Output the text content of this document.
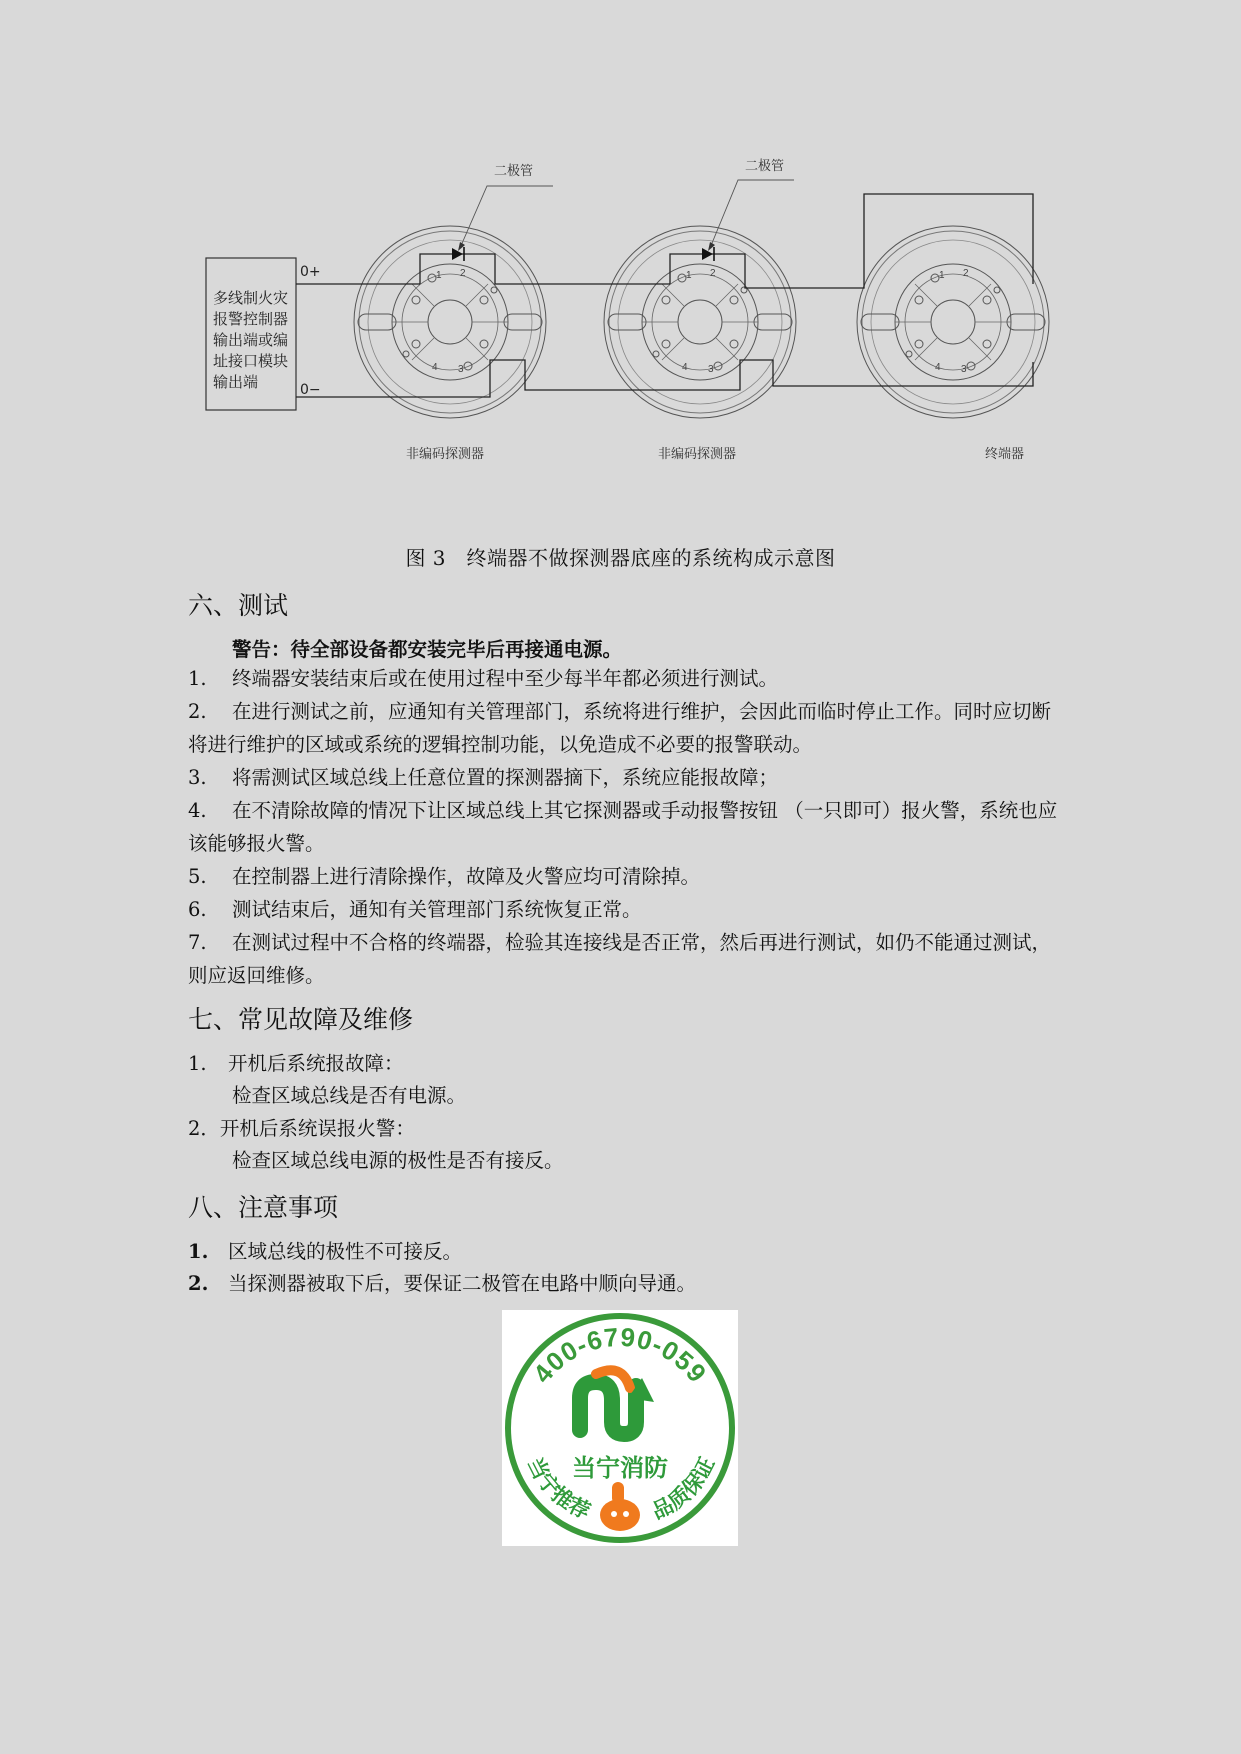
1 2
3
4
1 2
3
4
1 2
3
4
多线制火灾
报警控制器
输出端或编
址接口模块
输出端
0+
0−
二极管	二极管
非编码探测器	非编码探测器	终端器
图 3　终端器不做探测器底座的系统构成示意图
六、测试
警告：待全部设备都安装完毕后再接通电源。
1. 终端器安装结束后或在使用过程中至少每半年都必须进行测试。
2. 在进行测试之前，应通知有关管理部门，系统将进行维护，会因此而临时停止工作。同时应切断将进行维护的区域或系统的逻辑控制功能，以免造成不必要的报警联动。
3. 将需测试区域总线上任意位置的探测器摘下，系统应能报故障；
4. 在不清除故障的情况下让区域总线上其它探测器或手动报警按钮 （一只即可）报火警，系统也应该能够报火警。
5. 在控制器上进行清除操作，故障及火警应均可清除掉。
6. 测试结束后，通知有关管理部门系统恢复正常。
7. 在测试过程中不合格的终端器，检验其连接线是否正常，然后再进行测试，如仍不能通过测试，则应返回维修。
七、常见故障及维修
1. 开机后系统报故障：
检查区域总线是否有电源。
2．开机后系统误报火警：
检查区域总线电源的极性是否有接反。
八、注意事项
1. 区域总线的极性不可接反。
2. 当探测器被取下后，要保证二极管在电路中顺向导通。
400-6790-059
当宁消防
当宁推荐	品质保证
